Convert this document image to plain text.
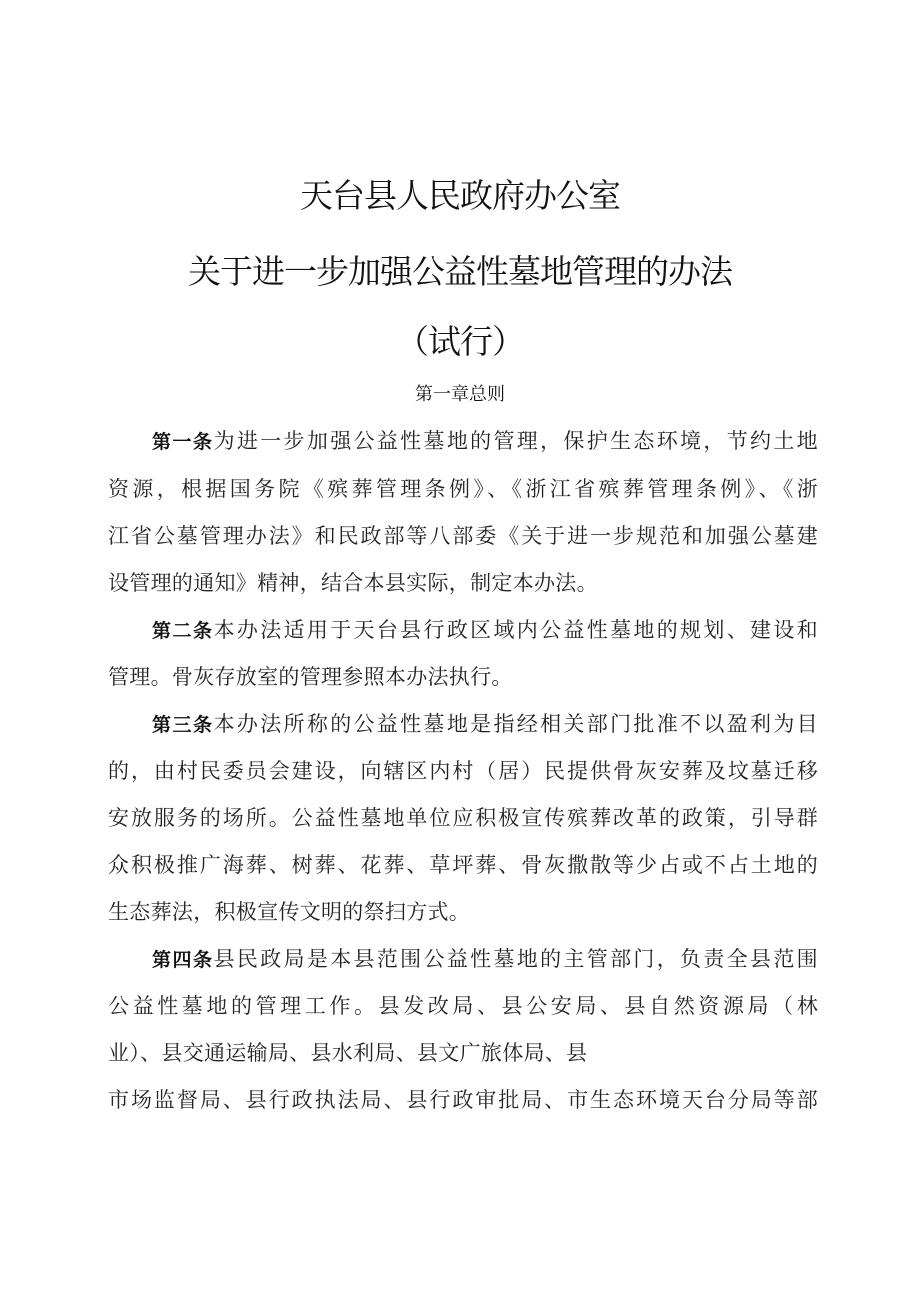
天台县人民政府办公室
关于进一步加强公益性墓地管理的办法
（试行）
第一章总则
第一条为进一步加强公益性墓地的管理，保护生态环境，节约土地
资源，根据国务院《殡葬管理条例》、《浙江省殡葬管理条例》、《浙
江省公墓管理办法》和民政部等八部委《关于进一步规范和加强公墓建
设管理的通知》精神，结合本县实际，制定本办法。
第二条本办法适用于天台县行政区域内公益性墓地的规划、建设和
管理。骨灰存放室的管理参照本办法执行。
第三条本办法所称的公益性墓地是指经相关部门批准不以盈利为目
的，由村民委员会建设，向辖区内村（居）民提供骨灰安葬及坟墓迁移
安放服务的场所。公益性墓地单位应积极宣传殡葬改革的政策，引导群
众积极推广海葬、树葬、花葬、草坪葬、骨灰撒散等少占或不占土地的
生态葬法，积极宣传文明的祭扫方式。
第四条县民政局是本县范围公益性墓地的主管部门，负责全县范围
公益性墓地的管理工作。县发改局、县公安局、县自然资源局（林
业）、县交通运输局、县水利局、县文广旅体局、县
市场监督局、县行政执法局、县行政审批局、市生态环境天台分局等部
